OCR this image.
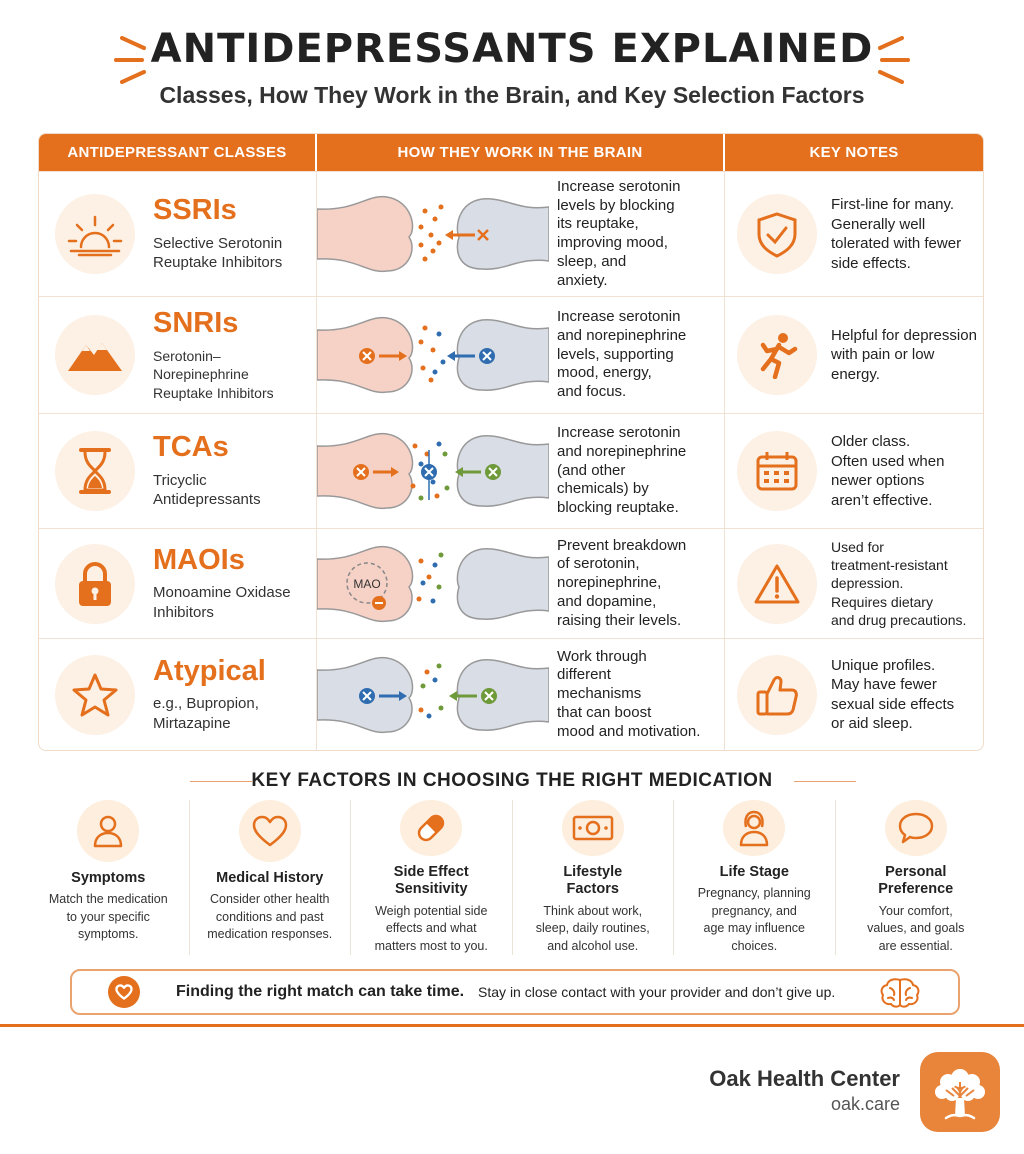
ANTIDEPRESSANTS EXPLAINED
Classes, How They Work in the Brain, and Key Selection Factors
ANTIDEPRESSANT CLASSES	HOW THEY WORK IN THE BRAIN	KEY NOTES
SSRIs
Selective Serotonin
Reuptake Inhibitors
Increase serotonin
levels by blocking
its reuptake,
improving mood,
sleep, and
anxiety.
First-line for many.
Generally well
tolerated with fewer
side effects.
SNRIs
Serotonin–Norepinephrine
Reuptake Inhibitors
Increase serotonin
and norepinephrine
levels, supporting
mood, energy,
and focus.
Helpful for depression
with pain or low
energy.
TCAs
Tricyclic
Antidepressants
Increase serotonin
and norepinephrine
(and other
chemicals) by
blocking reuptake.
Older class.
Often used when
newer options
aren’t effective.
MAOIs
Monoamine Oxidase
Inhibitors
MAO
Prevent breakdown
of serotonin,
norepinephrine,
and dopamine,
raising their levels.
Used for
treatment-resistant
depression.
Requires dietary
and drug precautions.
Atypical
e.g., Bupropion,
Mirtazapine
Work through
different
mechanisms
that can boost
mood and motivation.
Unique profiles.
May have fewer
sexual side effects
or aid sleep.
KEY FACTORS IN CHOOSING THE RIGHT MEDICATION
Symptoms
Match the medication
to your specific
symptoms.
Medical History
Consider other health
conditions and past
medication responses.
Side Effect
Sensitivity
Weigh potential side
effects and what
matters most to you.
Lifestyle
Factors
Think about work,
sleep, daily routines,
and alcohol use.
Life Stage
Pregnancy, planning
pregnancy, and
age may influence
choices.
Personal
Preference
Your comfort,
values, and goals
are essential.
Finding the right match can take time. Stay in close contact with your provider and don’t give up.
Oak Health Center
oak.care
